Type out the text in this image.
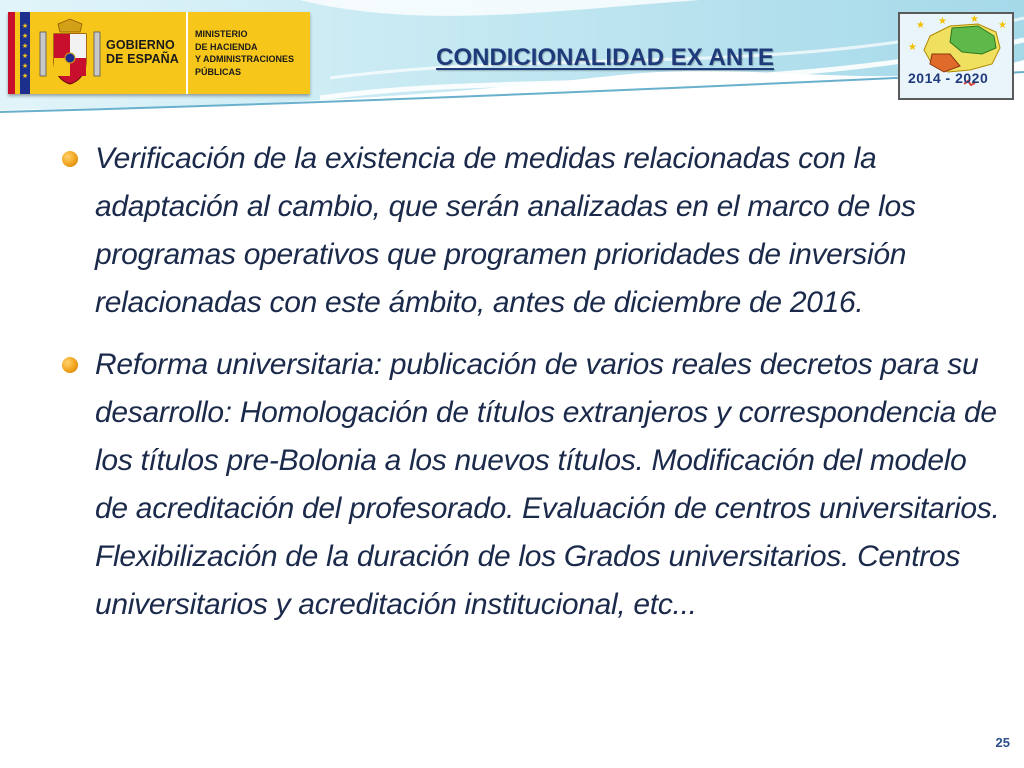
★
★
★
★
★
★
GOBIERNO
DE ESPAÑA
MINISTERIO
DE HACIENDA
Y ADMINISTRACIONES
PÚBLICAS
CONDICIONALIDAD EX ANTE
★ ★ ★
★
★
2014 - 2020
Verificación de la existencia de medidas relacionadas con la adaptación al cambio, que serán analizadas en el marco de los programas operativos que programen prioridades de inversión relacionadas con este ámbito, antes de diciembre de 2016.
Reforma universitaria: publicación de varios reales decretos para su desarrollo: Homologación de títulos extranjeros y correspondencia de los títulos pre-Bolonia a los nuevos títulos. Modificación del modelo de acreditación del profesorado. Evaluación de centros universitarios. Flexibilización de la duración de los Grados universitarios. Centros universitarios y acreditación institucional, etc...
25
